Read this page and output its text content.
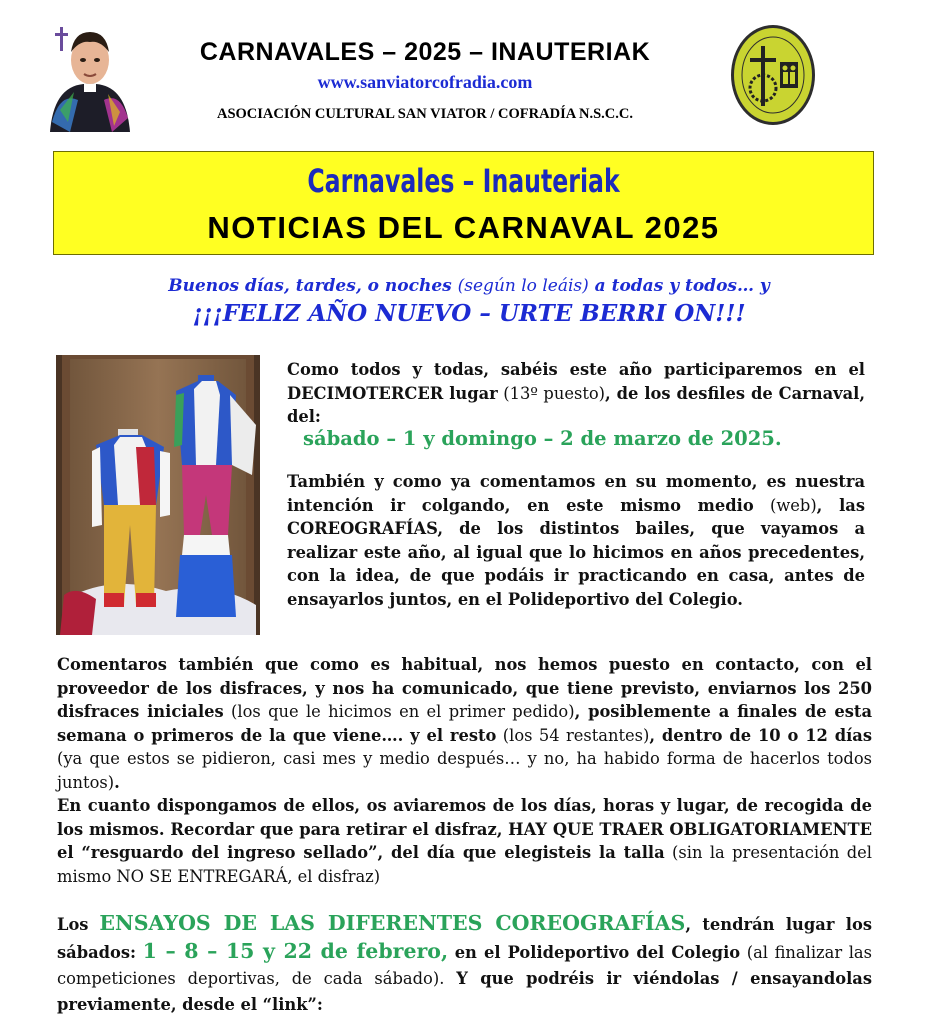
CARNAVALES – 2025 – INAUTERIAK
www.sanviatorcofradia.com
ASOCIACIÓN CULTURAL SAN VIATOR / COFRADÍA N.S.C.C.
Carnavales – Inauteriak
NOTICIAS DEL CARNAVAL 2025
Buenos días, tardes, o noches (según lo leáis) a todas y todos… y
¡¡¡FELIZ AÑO NUEVO – URTE BERRI ON!!!
Como todos y todas, sabéis este año participaremos en el DECIMOTERCER lugar (13º puesto), de los desfiles de Carnaval, del:
sábado – 1 y domingo – 2 de marzo de 2025.
También y como ya comentamos en su momento, es nuestra intención ir colgando, en este mismo medio (web), las COREOGRAFÍAS, de los distintos bailes, que vayamos a realizar este año, al igual que lo hicimos en años precedentes, con la idea, de que podáis ir practicando en casa, antes de ensayarlos juntos, en el Polideportivo del Colegio.
Comentaros también que como es habitual, nos hemos puesto en contacto, con el proveedor de los disfraces, y nos ha comunicado, que tiene previsto, enviarnos los 250 disfraces iniciales (los que le hicimos en el primer pedido), posiblemente a finales de esta semana o primeros de la que viene…. y el resto (los 54 restantes), dentro de 10 o 12 días (ya que estos se pidieron, casi mes y medio después… y no, ha habido forma de hacerlos todos juntos).
En cuanto dispongamos de ellos, os aviaremos de los días, horas y lugar, de recogida de los mismos. Recordar que para retirar el disfraz, HAY QUE TRAER OBLIGATORIAMENTE el “resguardo del ingreso sellado”, del día que elegisteis la talla (sin la presentación del mismo NO SE ENTREGARÁ, el disfraz)
Los ENSAYOS DE LAS DIFERENTES COREOGRAFÍAS, tendrán lugar los sábados: 1 – 8 – 15 y 22 de febrero, en el Polideportivo del Colegio (al finalizar las competiciones deportivas, de cada sábado). Y que podréis ir viéndolas / ensayandolas previamente, desde el “link”:
